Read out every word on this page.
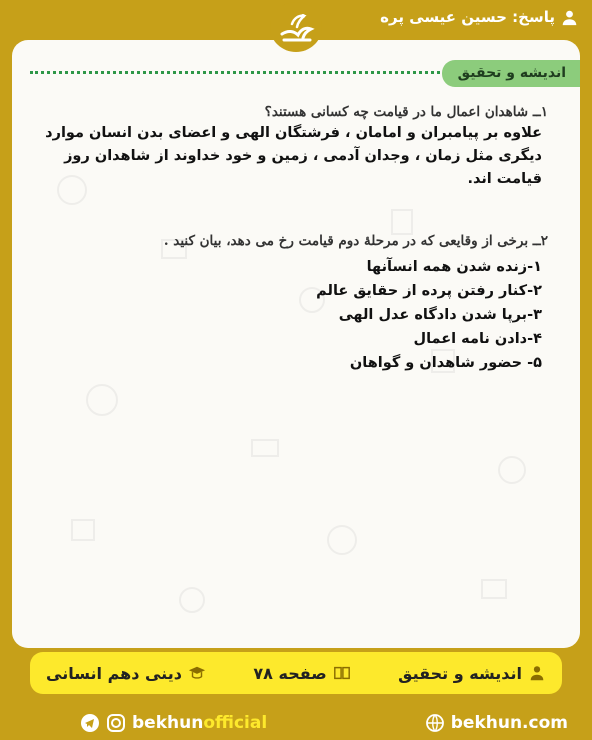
پاسخ: حسین عیسی پره
اندیشه و تحقیق

۱ــ شاهدان اعمال ما در قیامت چه کسانی هستند؟

علاوه بر پیامبران و امامان ، فرشتگان الهی و اعضای بدن انسان موارد دیگری مثل زمان ، وجدان آدمی ، زمین و خود خداوند از شاهدان روز قیامت اند.

۲ــ برخی از وقایعی که در مرحلهٔ دوم قیامت رخ می دهد، بیان کنید .

۱-زنده شدن همه انسآنها
۲-کنار رفتن پرده از حقایق عالم
۳-برپا شدن دادگاه عدل الهی
۴-دادن نامه اعمال
۵- حضور شاهدان و گواهان
اندیشه و تحقیق
صفحه ۷۸
دینی دهم انسانی
bekhunofficial	bekhun.com
